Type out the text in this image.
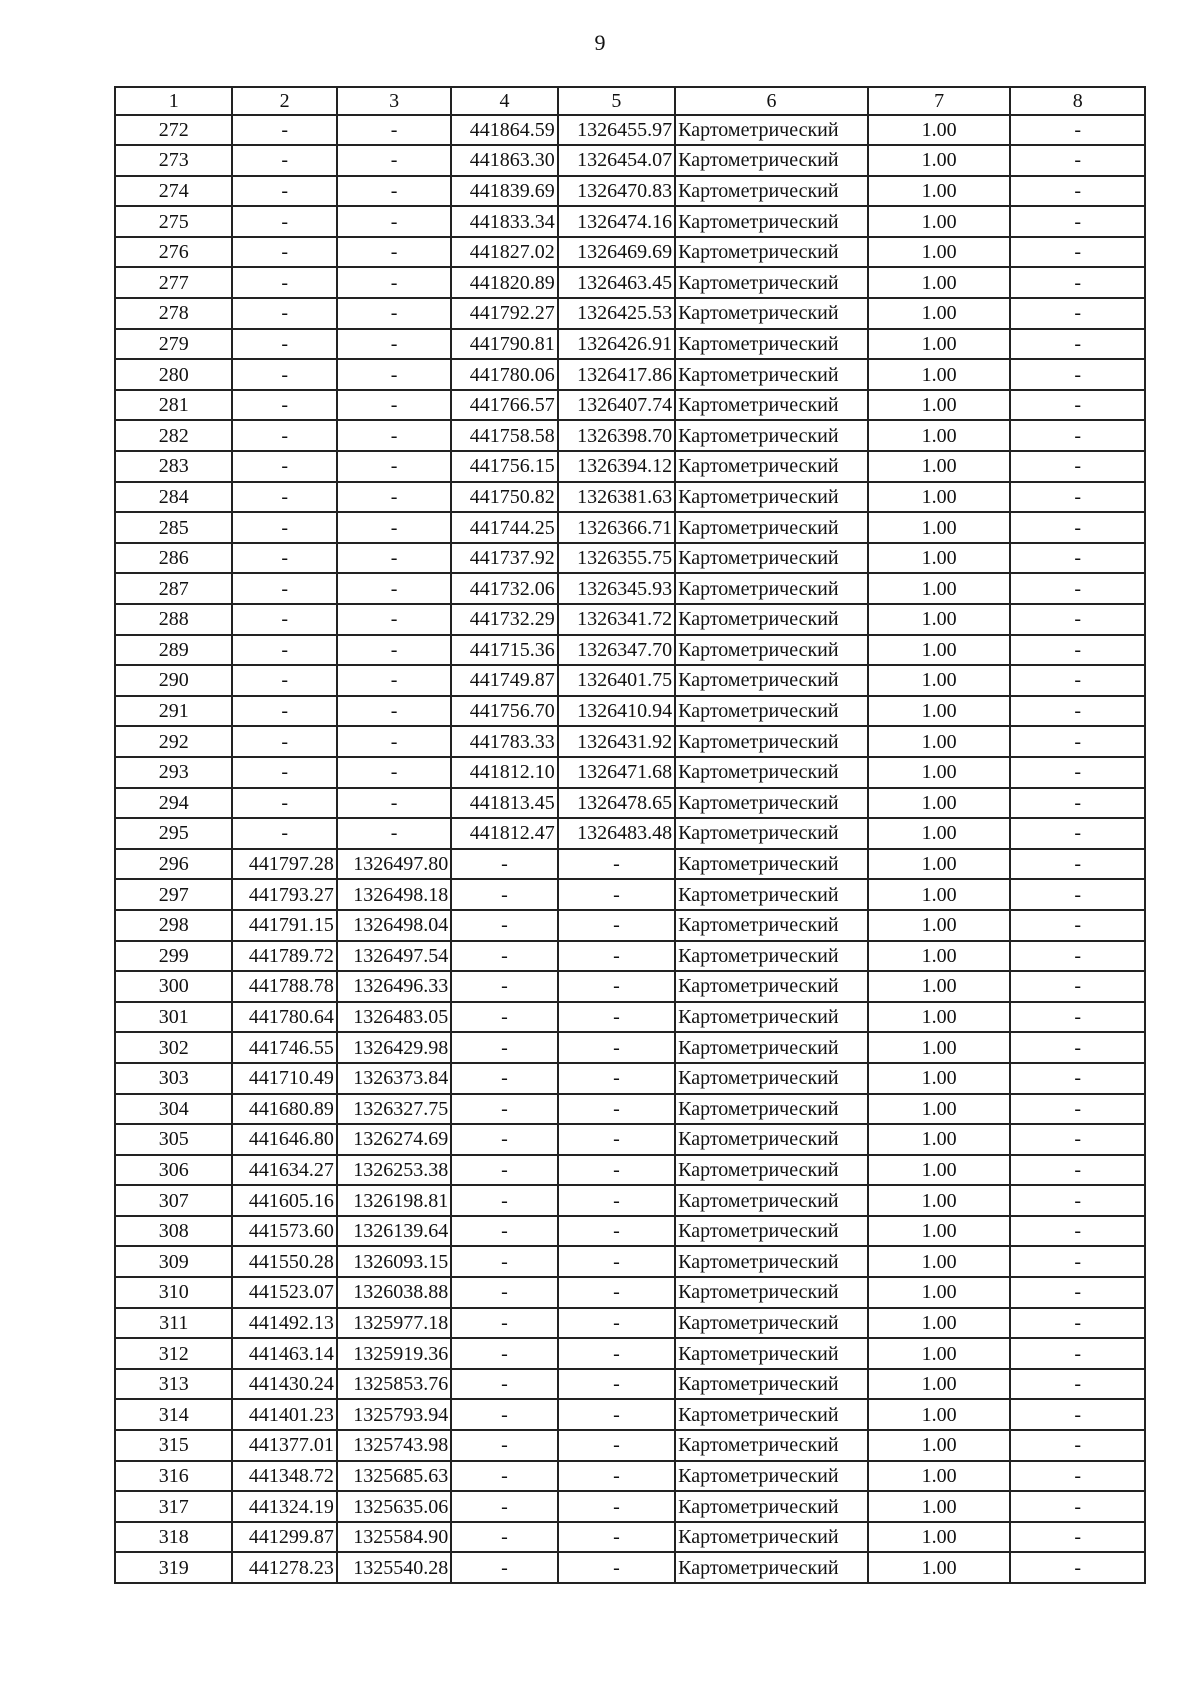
9
1	2	3	4	5	6	7	8
272	-	-	441864.59	1326455.97	Картометрический	1.00	-
273	-	-	441863.30	1326454.07	Картометрический	1.00	-
274	-	-	441839.69	1326470.83	Картометрический	1.00	-
275	-	-	441833.34	1326474.16	Картометрический	1.00	-
276	-	-	441827.02	1326469.69	Картометрический	1.00	-
277	-	-	441820.89	1326463.45	Картометрический	1.00	-
278	-	-	441792.27	1326425.53	Картометрический	1.00	-
279	-	-	441790.81	1326426.91	Картометрический	1.00	-
280	-	-	441780.06	1326417.86	Картометрический	1.00	-
281	-	-	441766.57	1326407.74	Картометрический	1.00	-
282	-	-	441758.58	1326398.70	Картометрический	1.00	-
283	-	-	441756.15	1326394.12	Картометрический	1.00	-
284	-	-	441750.82	1326381.63	Картометрический	1.00	-
285	-	-	441744.25	1326366.71	Картометрический	1.00	-
286	-	-	441737.92	1326355.75	Картометрический	1.00	-
287	-	-	441732.06	1326345.93	Картометрический	1.00	-
288	-	-	441732.29	1326341.72	Картометрический	1.00	-
289	-	-	441715.36	1326347.70	Картометрический	1.00	-
290	-	-	441749.87	1326401.75	Картометрический	1.00	-
291	-	-	441756.70	1326410.94	Картометрический	1.00	-
292	-	-	441783.33	1326431.92	Картометрический	1.00	-
293	-	-	441812.10	1326471.68	Картометрический	1.00	-
294	-	-	441813.45	1326478.65	Картометрический	1.00	-
295	-	-	441812.47	1326483.48	Картометрический	1.00	-
296	441797.28	1326497.80	-	-	Картометрический	1.00	-
297	441793.27	1326498.18	-	-	Картометрический	1.00	-
298	441791.15	1326498.04	-	-	Картометрический	1.00	-
299	441789.72	1326497.54	-	-	Картометрический	1.00	-
300	441788.78	1326496.33	-	-	Картометрический	1.00	-
301	441780.64	1326483.05	-	-	Картометрический	1.00	-
302	441746.55	1326429.98	-	-	Картометрический	1.00	-
303	441710.49	1326373.84	-	-	Картометрический	1.00	-
304	441680.89	1326327.75	-	-	Картометрический	1.00	-
305	441646.80	1326274.69	-	-	Картометрический	1.00	-
306	441634.27	1326253.38	-	-	Картометрический	1.00	-
307	441605.16	1326198.81	-	-	Картометрический	1.00	-
308	441573.60	1326139.64	-	-	Картометрический	1.00	-
309	441550.28	1326093.15	-	-	Картометрический	1.00	-
310	441523.07	1326038.88	-	-	Картометрический	1.00	-
311	441492.13	1325977.18	-	-	Картометрический	1.00	-
312	441463.14	1325919.36	-	-	Картометрический	1.00	-
313	441430.24	1325853.76	-	-	Картометрический	1.00	-
314	441401.23	1325793.94	-	-	Картометрический	1.00	-
315	441377.01	1325743.98	-	-	Картометрический	1.00	-
316	441348.72	1325685.63	-	-	Картометрический	1.00	-
317	441324.19	1325635.06	-	-	Картометрический	1.00	-
318	441299.87	1325584.90	-	-	Картометрический	1.00	-
319	441278.23	1325540.28	-	-	Картометрический	1.00	-
